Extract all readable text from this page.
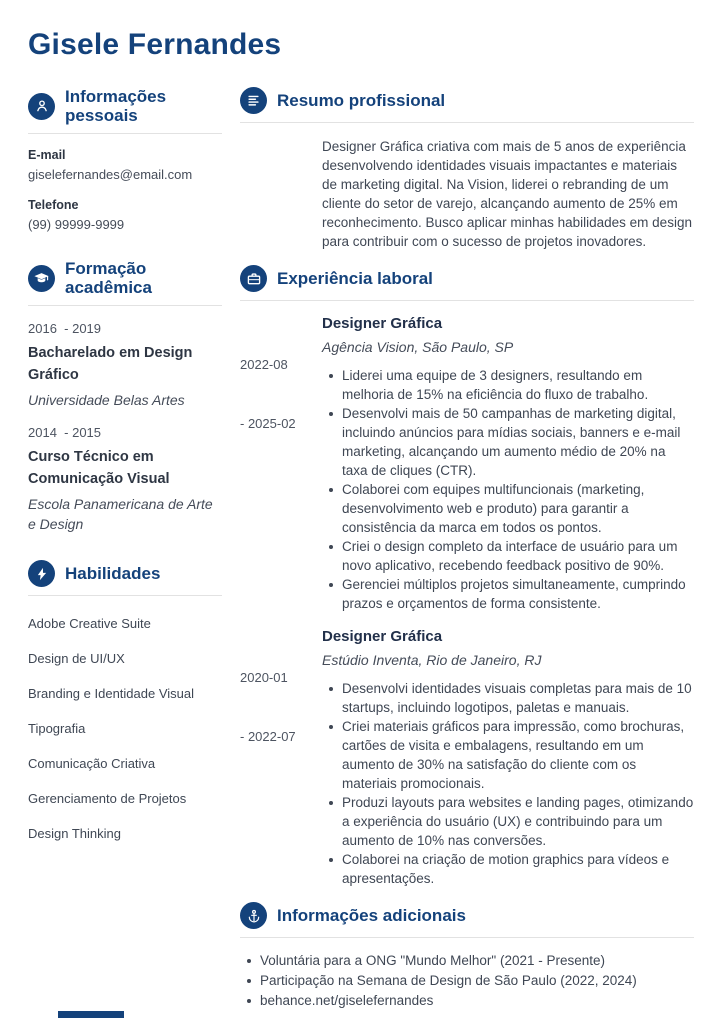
Gisele Fernandes
Informações pessoais
E-mail
giselefernandes@email.com
Telefone
(99) 99999-9999
Formação acadêmica
2016  - 2019
Bacharelado em Design Gráfico
Universidade Belas Artes
2014  - 2015
Curso Técnico em Comunicação Visual
Escola Panamericana de Arte e Design
Habilidades
Adobe Creative Suite
Design de UI/UX
Branding e Identidade Visual
Tipografia
Comunicação Criativa
Gerenciamento de Projetos
Design Thinking
Resumo profissional

Designer Gráfica criativa com mais de 5 anos de experiência desenvolvendo identidades visuais impactantes e materiais de marketing digital. Na Vision, liderei o rebranding de um cliente do setor de varejo, alcançando aumento de 25% em reconhecimento. Busco aplicar minhas habilidades em design para contribuir com o sucesso de projetos inovadores.

Experiência laboral

2022-08

- 2025-02

Designer Gráfica
Agência Vision, São Paulo, SP
Liderei uma equipe de 3 designers, resultando em melhoria de 15% na eficiência do fluxo de trabalho.
Desenvolvi mais de 50 campanhas de marketing digital, incluindo anúncios para mídias sociais, banners e e-mail marketing, alcançando um aumento médio de 20% na taxa de cliques (CTR).
Colaborei com equipes multifuncionais (marketing, desenvolvimento web e produto) para garantir a consistência da marca em todos os pontos.
Criei o design completo da interface de usuário para um novo aplicativo, recebendo feedback positivo de 90%.
Gerenciei múltiplos projetos simultaneamente, cumprindo prazos e orçamentos de forma consistente.

2020-01

- 2022-07

Designer Gráfica
Estúdio Inventa, Rio de Janeiro, RJ
Desenvolvi identidades visuais completas para mais de 10 startups, incluindo logotipos, paletas e manuais.
Criei materiais gráficos para impressão, como brochuras, cartões de visita e embalagens, resultando em um aumento de 30% na satisfação do cliente com os materiais promocionais.
Produzi layouts para websites e landing pages, otimizando a experiência do usuário (UX) e contribuindo para um aumento de 10% nas conversões.
Colaborei na criação de motion graphics para vídeos e apresentações.
Informações adicionais
Voluntária para a ONG "Mundo Melhor" (2021 - Presente)
Participação na Semana de Design de São Paulo (2022, 2024)
behance.net/giselefernandes
